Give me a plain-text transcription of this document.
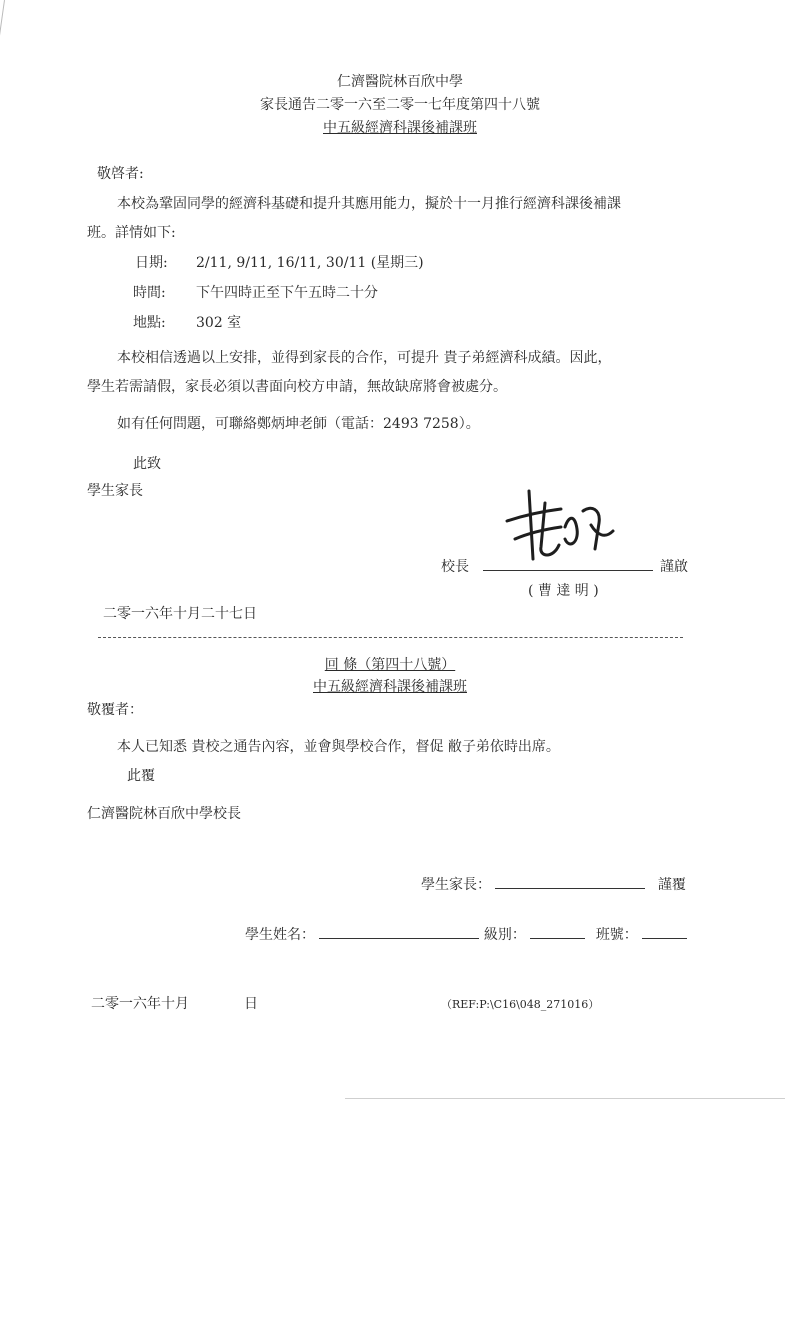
仁濟醫院林百欣中學
家長通告二零一六至二零一七年度第四十八號
中五級經濟科課後補課班
敬啓者:
本校為鞏固同學的經濟科基礎和提升其應用能力，擬於十一月推行經濟科課後補課
班。詳情如下:
日期: 2/11, 9/11, 16/11, 30/11 (星期三)
時間: 下午四時正至下午五時二十分
地點: 302 室
本校相信透過以上安排，並得到家長的合作，可提升 貴子弟經濟科成績。因此，
學生若需請假，家長必須以書面向校方申請，無故缺席將會被處分。
如有任何問題，可聯絡鄭炳坤老師（電話：2493 7258）。
此致
學生家長
校長	謹啟
( 曹 達 明 )
二零一六年十月二十七日
回 條（第四十八號）
中五級經濟科課後補課班
敬覆者：
本人已知悉 貴校之通告內容，並會與學校合作，督促 敝子弟依時出席。
此覆
仁濟醫院林百欣中學校長
學生家長：	謹覆
學生姓名：	級別：	班號：
二零一六年十月	日	（REF:P:\C16\048_271016）
